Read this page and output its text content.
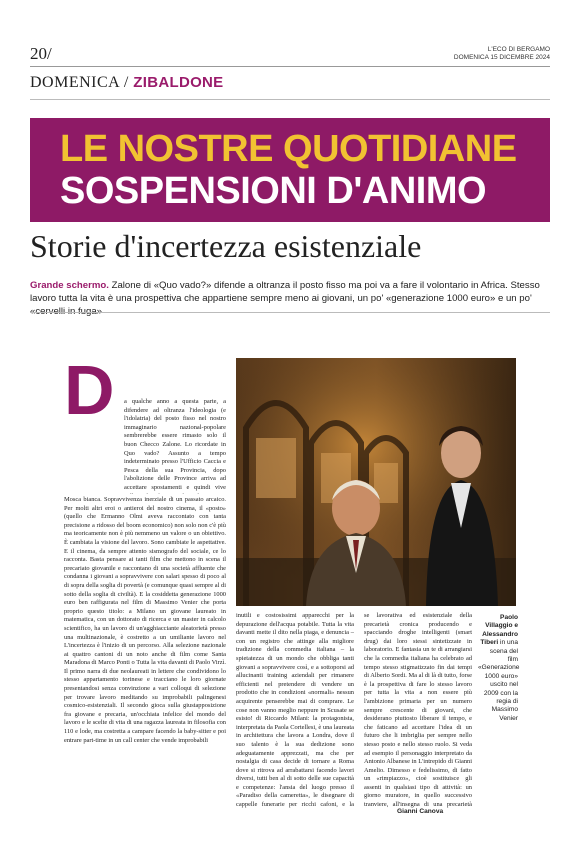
20/	L'ECO DI BERGAMO
DOMENICA 15 DICEMBRE 2024
DOMENICA / ZIBALDONE
LE NOSTRE QUOTIDIANE
SOSPENSIONI D'ANIMO
Storie d'incertezza esistenziale
Grande schermo. Zalone di «Quo vado?» difende a oltranza il posto fisso ma poi va a fare il volontario in Africa. Stesso lavoro tutta la vita è una prospettiva che appartiene sempre meno ai giovani, un po' «generazione 1000 euro» e un po' «cervelli in fuga»
D a qualche anno a questa parte, a difendere ad oltranza l'ideologia (e l'idolatria) del posto fisso nel nostro immaginario nazional-popolare sembrerebbe essere rimasto solo il buon Checco Zalone. Lo ricordate in Quo vado? Assunto a tempo indeterminato presso l'Ufficio Caccia e Pesca della sua Provincia, dopo l'abolizione delle Province arriva ad accettare spostamenti e quindi vive
Mosca bianca. Sopravvivenza inerziale di un passato arcaico. Per molti altri eroi o antieroi del nostro cinema, il «posto» (quello che Ermanno Olmi aveva raccontato con tanta precisione a ridosso del boom economico) non solo non c'è più ma teoricamente non è più nemmeno un valore o un obiettivo. È cambiata la visione del lavoro. Sono cambiate le aspettative. E il cinema, da sempre attento sismografo del sociale, ce lo racconta. Basta pensare ai tanti film che mettono in scena il precariato giovanile e raccontano di una società affluente che condanna i giovani a sopravvivere con salari spesso di poco al di sopra della soglia di povertà (e comunque quasi sempre al di sotto della soglia di civiltà). E la cosiddetta generazione 1000 euro ben raffigurata nel film di Massimo Venier che porta proprio questo titolo: a Milano un giovane laureato in matematica, con un dottorato di ricerca e un master in calcolo scientifico, ha un lavoro di un'agghiacciante aleatorietà presso una multinazionale, è costretto a un umiliante lavoro nel
L'incertezza è l'inizio di un percorso. Alla selezione nazionale ai quattro cantoni di un noto anche di film come Santa Maradona di Marco Ponti o Tutta la vita davanti di Paolo Virzì. Il primo narra di due neolaureati in lettere che condividono lo stesso appartamento torinese e tracciano le loro giornate presentandosi senza convinzione a vari colloqui di selezione per trovare lavoro meditando su improbabili palingenesi cosmico-esistenziali. Il secondo gioca sulla giustapposizione fra giovane e precaria, un'occhiata infelice del mondo del lavoro e le scelte di vita di una ragazza laureata in filosofia con 110 e lode, ma costretta a campare facendo la baby-sitter e poi entrare part-time in un call center che vende improbabili
inutili e costosissimi apparecchi per la depurazione dell'acqua potabile. Tutta la vita davanti mette il dito nella piaga, e denuncia – con un registro che attinge alla migliore tradizione della commedia italiana – la spietatezza di un mondo che obbliga tanti giovani a sopravvivere così, e a sottoporsi ad allucinanti training aziendali per rimanere efficienti nel pretendere di vendere un prodotto che in condizioni «normali» nessun acquirente penserebbe mai di comprare. Le cose non vanno meglio neppure in Scusate se esisto! di Riccardo Milani: la protagonista, interpretata da Paola Cortellesi, è una laureata in architettura che lavora a Londra, dove il suo talento è la sua dedizione sono adeguatamente apprezzati, ma che per nostalgia di casa decide di tornare a Roma dove si ritrova ad arrabattarsi facendo lavori diversi, tutti ben al di sotto delle sue capacità e competenze: l'ansia del luogo presso il «Paradiso della cameretta», le disegnare di cappelle funerarie per ricchi cafoni, e la
se lavorativa ed esistenziale della precarietà cronica producendo e spacciando droghe intelligenti (smart drug) dai loro stessi sintetizzate in laboratorio. E fantasia un te di arrangiarsi che la commedia italiana ha celebrato ad tempo stesso stigmatizzato fin dai tempi di Alberto Sordi. Ma al di là di tutto, forse è la prospettiva di fare lo stesso lavoro per tutta la vita a non essere più l'ambizione primaria per un numero sempre crescente di giovani, che desiderano piuttosto liberare il tempo, e che faticano ad accettare l'idea di un futuro che li imbriglia per sempre nello stesso posto e nello stesso ruolo. Si veda ad esempio il personaggio interpretato da Antonio Albanese in L'intrepido di Gianni Amelio. Dimesso e fedelissimo, di fatto un «rimpiazzo», cioè sostituisce gli assenti in qualsiasi tipo di attività: un giorno muratore, in quello successivo tranviere, all'insegna di una precarietà
Paolo Villaggio e Alessandro Tiberi in una scena del film «Generazione 1000 euro» uscito nel 2009 con la regia di Massimo Venier
Gianni Canova
